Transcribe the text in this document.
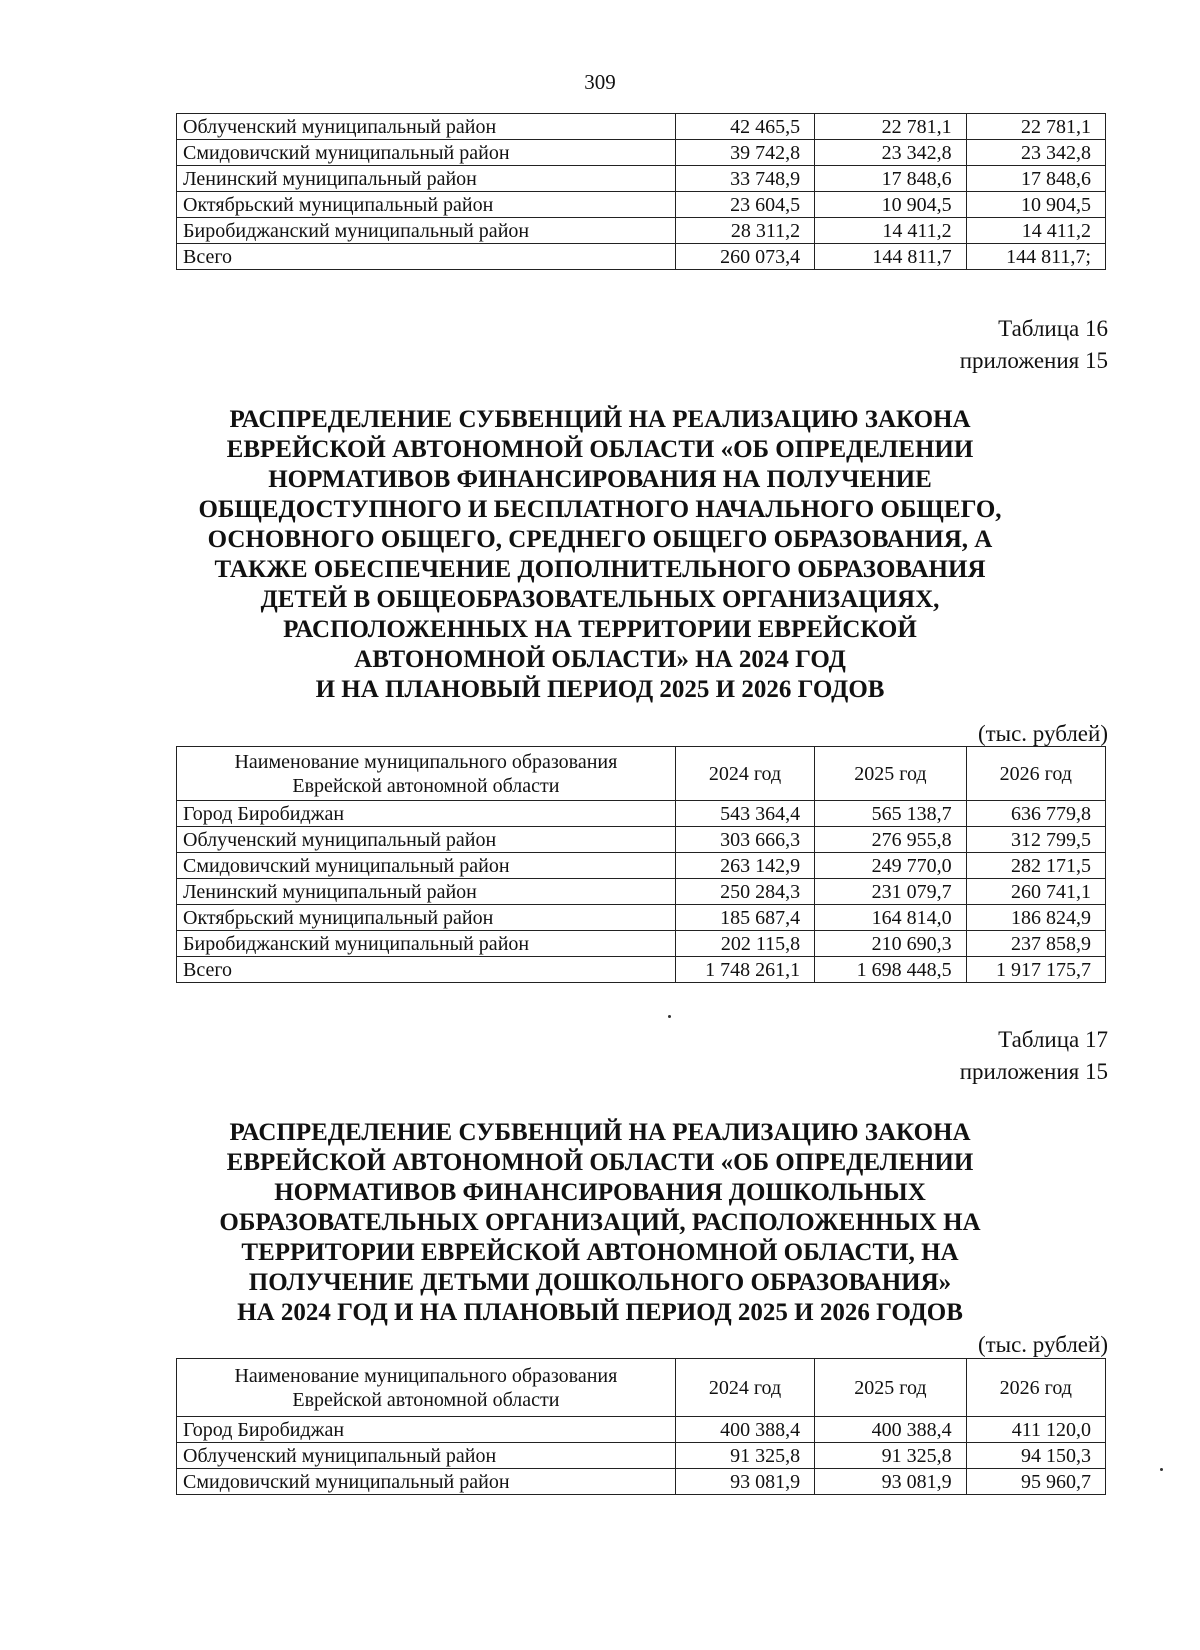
309
Облученский муниципальный район	42 465,5	22 781,1	22 781,1
Смидовичский муниципальный район	39 742,8	23 342,8	23 342,8
Ленинский муниципальный район	33 748,9	17 848,6	17 848,6
Октябрьский муниципальный район	23 604,5	10 904,5	10 904,5
Биробиджанский муниципальный район	28 311,2	14 411,2	14 411,2
Всего	260 073,4	144 811,7	144 811,7;
Таблица 16
приложения 15
РАСПРЕДЕЛЕНИЕ СУБВЕНЦИЙ НА РЕАЛИЗАЦИЮ ЗАКОНА
ЕВРЕЙСКОЙ АВТОНОМНОЙ ОБЛАСТИ «ОБ ОПРЕДЕЛЕНИИ
НОРМАТИВОВ ФИНАНСИРОВАНИЯ НА ПОЛУЧЕНИЕ
ОБЩЕДОСТУПНОГО И БЕСПЛАТНОГО НАЧАЛЬНОГО ОБЩЕГО,
ОСНОВНОГО ОБЩЕГО, СРЕДНЕГО ОБЩЕГО ОБРАЗОВАНИЯ, А
ТАКЖЕ ОБЕСПЕЧЕНИЕ ДОПОЛНИТЕЛЬНОГО ОБРАЗОВАНИЯ
ДЕТЕЙ В ОБЩЕОБРАЗОВАТЕЛЬНЫХ ОРГАНИЗАЦИЯХ,
РАСПОЛОЖЕННЫХ НА ТЕРРИТОРИИ ЕВРЕЙСКОЙ
АВТОНОМНОЙ ОБЛАСТИ» НА 2024 ГОД
И НА ПЛАНОВЫЙ ПЕРИОД 2025 И 2026 ГОДОВ
(тыс. рублей)
Наименование муниципального образования
Еврейской автономной области	2024 год	2025 год	2026 год
Город Биробиджан	543 364,4	565 138,7	636 779,8
Облученский муниципальный район	303 666,3	276 955,8	312 799,5
Смидовичский муниципальный район	263 142,9	249 770,0	282 171,5
Ленинский муниципальный район	250 284,3	231 079,7	260 741,1
Октябрьский муниципальный район	185 687,4	164 814,0	186 824,9
Биробиджанский муниципальный район	202 115,8	210 690,3	237 858,9
Всего	1 748 261,1	1 698 448,5	1 917 175,7
Таблица 17
приложения 15
РАСПРЕДЕЛЕНИЕ СУБВЕНЦИЙ НА РЕАЛИЗАЦИЮ ЗАКОНА
ЕВРЕЙСКОЙ АВТОНОМНОЙ ОБЛАСТИ «ОБ ОПРЕДЕЛЕНИИ
НОРМАТИВОВ ФИНАНСИРОВАНИЯ ДОШКОЛЬНЫХ
ОБРАЗОВАТЕЛЬНЫХ ОРГАНИЗАЦИЙ, РАСПОЛОЖЕННЫХ НА
ТЕРРИТОРИИ ЕВРЕЙСКОЙ АВТОНОМНОЙ ОБЛАСТИ, НА
ПОЛУЧЕНИЕ ДЕТЬМИ ДОШКОЛЬНОГО ОБРАЗОВАНИЯ»
НА 2024 ГОД И НА ПЛАНОВЫЙ ПЕРИОД 2025 И 2026 ГОДОВ
(тыс. рублей)
Наименование муниципального образования
Еврейской автономной области	2024 год	2025 год	2026 год
Город Биробиджан	400 388,4	400 388,4	411 120,0
Облученский муниципальный район	91 325,8	91 325,8	94 150,3
Смидовичский муниципальный район	93 081,9	93 081,9	95 960,7
